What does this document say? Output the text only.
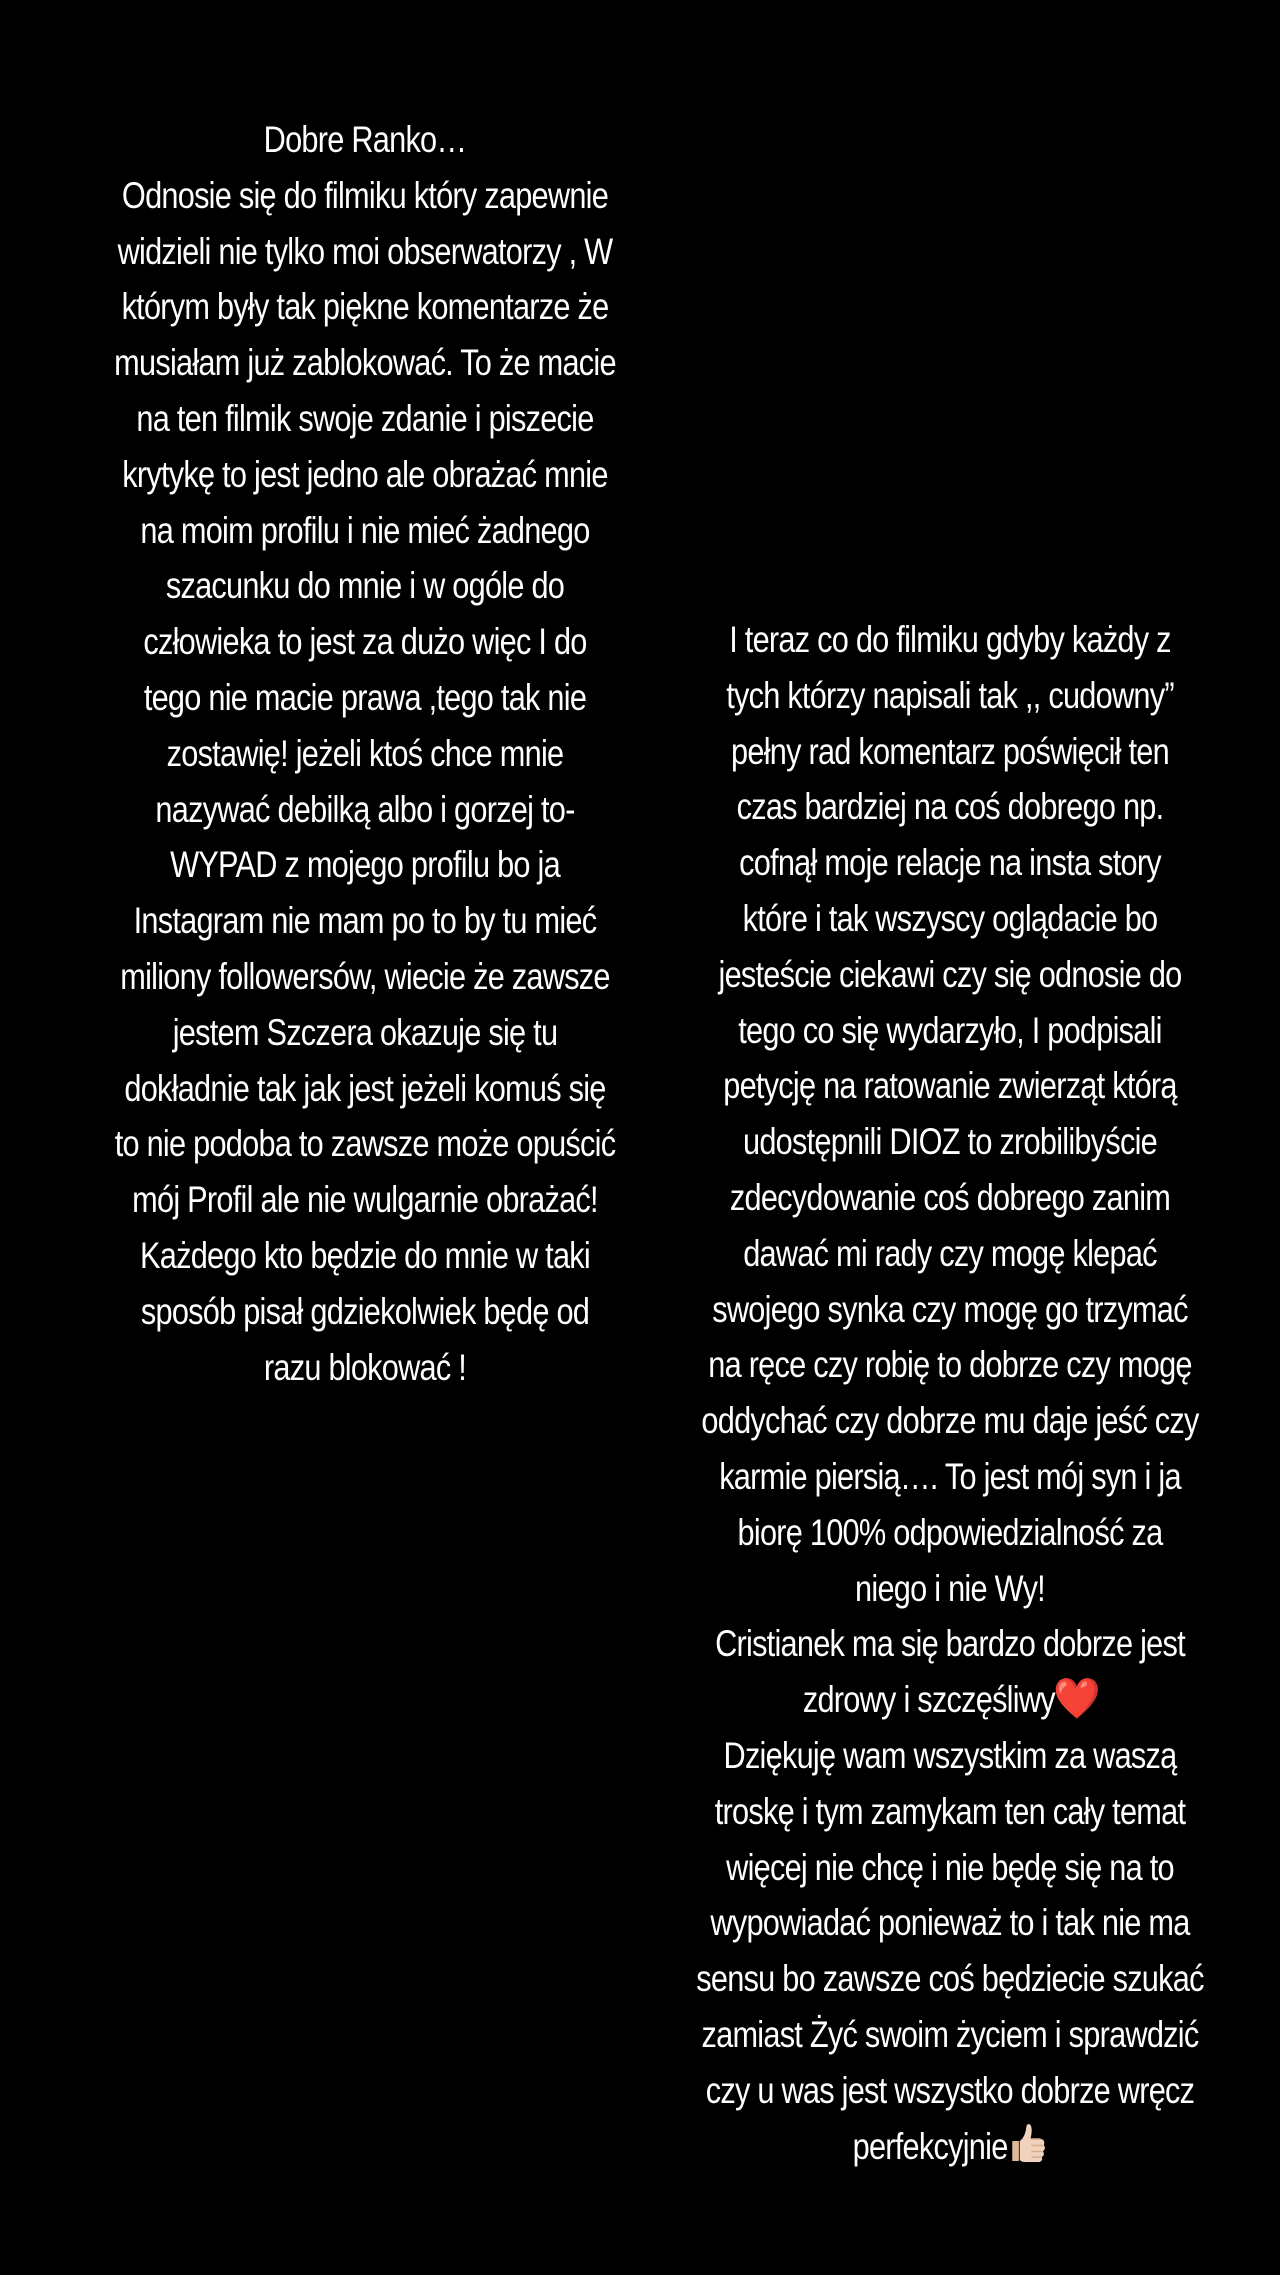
Dobre Ranko…
Odnosie się do filmiku który zapewnie
widzieli nie tylko moi obserwatorzy , W
którym były tak piękne komentarze że
musiałam już zablokować. To że macie
na ten filmik swoje zdanie i piszecie
krytykę to jest jedno ale obrażać mnie
na moim profilu i nie mieć żadnego
szacunku do mnie i w ogóle do
człowieka to jest za dużo więc I do
tego nie macie prawa ,tego tak nie
zostawię! jeżeli ktoś chce mnie
nazywać debilką albo i gorzej to-
WYPAD z mojego profilu bo ja
Instagram nie mam po to by tu mieć
miliony followersów, wiecie że zawsze
jestem Szczera okazuje się tu
dokładnie tak jak jest jeżeli komuś się
to nie podoba to zawsze może opuścić
mój Profil ale nie wulgarnie obrażać!
Każdego kto będzie do mnie w taki
sposób pisał gdziekolwiek będę od
razu blokować !
I teraz co do filmiku gdyby każdy z
tych którzy napisali tak ,, cudowny”
pełny rad komentarz poświęcił ten
czas bardziej na coś dobrego np.
cofnął moje relacje na insta story
które i tak wszyscy oglądacie bo
jesteście ciekawi czy się odnosie do
tego co się wydarzyło, I podpisali
petycję na ratowanie zwierząt którą
udostępnili DIOZ to zrobilibyście
zdecydowanie coś dobrego zanim
dawać mi rady czy mogę klepać
swojego synka czy mogę go trzymać
na ręce czy robię to dobrze czy mogę
oddychać czy dobrze mu daje jeść czy
karmie piersią…. To jest mój syn i ja
biorę 100% odpowiedzialność za
niego i nie Wy!
Cristianek ma się bardzo dobrze jest
zdrowy i szczęśliwy❤️
Dziękuję wam wszystkim za waszą
troskę i tym zamykam ten cały temat
więcej nie chcę i nie będę się na to
wypowiadać ponieważ to i tak nie ma
sensu bo zawsze coś będziecie szukać
zamiast Żyć swoim życiem i sprawdzić
czy u was jest wszystko dobrze wręcz
perfekcyjnie
